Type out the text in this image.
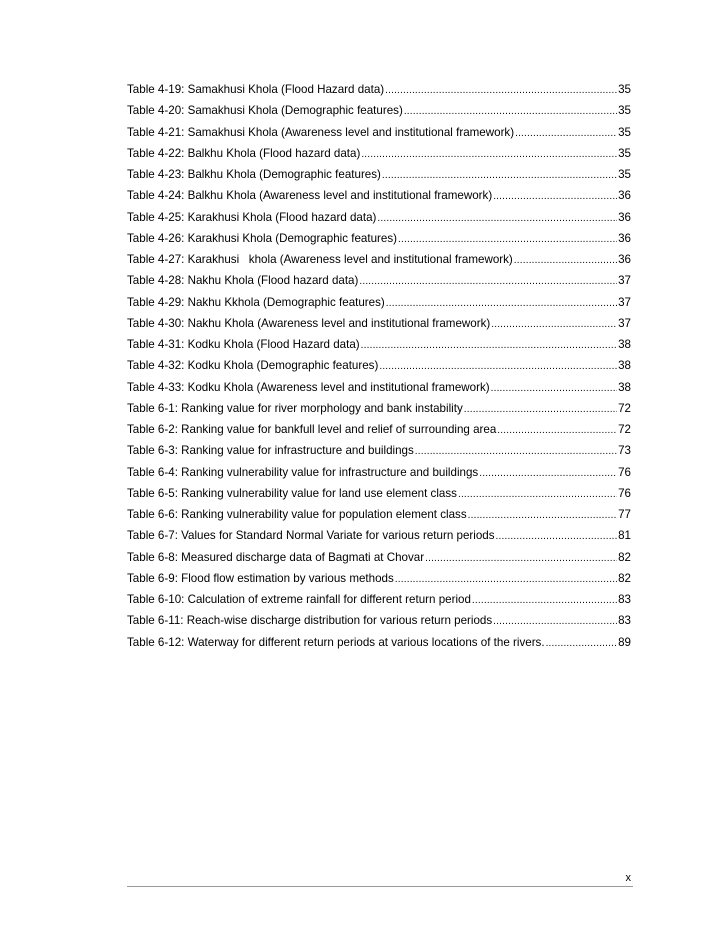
Table 4-19: Samakhusi Khola (Flood Hazard data) .....	35
Table 4-20: Samakhusi Khola (Demographic features) .....	35
Table 4-21: Samakhusi Khola (Awareness level and institutional framework) .....	35
Table 4-22: Balkhu Khola (Flood hazard data) .....	35
Table 4-23: Balkhu Khola (Demographic features) .....	35
Table 4-24: Balkhu Khola (Awareness level and institutional framework) .....	36
Table 4-25: Karakhusi Khola (Flood hazard data) .....	36
Table 4-26: Karakhusi Khola (Demographic features) .....	36
Table 4-27: Karakhusi   khola (Awareness level and institutional framework) .....	36
Table 4-28: Nakhu Khola (Flood hazard data) .....	37
Table 4-29: Nakhu Kkhola (Demographic features) .....	37
Table 4-30: Nakhu Khola (Awareness level and institutional framework) .....	37
Table 4-31: Kodku Khola (Flood Hazard data) .....	38
Table 4-32: Kodku Khola (Demographic features) .....	38
Table 4-33: Kodku Khola (Awareness level and institutional framework) .....	38
Table 6-1: Ranking value for river morphology and bank instability .....	72
Table 6-2: Ranking value for bankfull level and relief of surrounding area .....	72
Table 6-3: Ranking value for infrastructure and buildings .....	73
Table 6-4: Ranking vulnerability value for infrastructure and buildings .....	76
Table 6-5: Ranking vulnerability value for land use element class .....	76
Table 6-6: Ranking vulnerability value for population element class .....	77
Table 6-7: Values for Standard Normal Variate for various return periods .....	81
Table 6-8: Measured discharge data of Bagmati at Chovar .....	82
Table 6-9: Flood flow estimation by various methods .....	82
Table 6-10: Calculation of extreme rainfall for different return period .....	83
Table 6-11: Reach-wise discharge distribution for various return periods .....	83
Table 6-12: Waterway for different return periods at various locations of the rivers. .....	89
x
